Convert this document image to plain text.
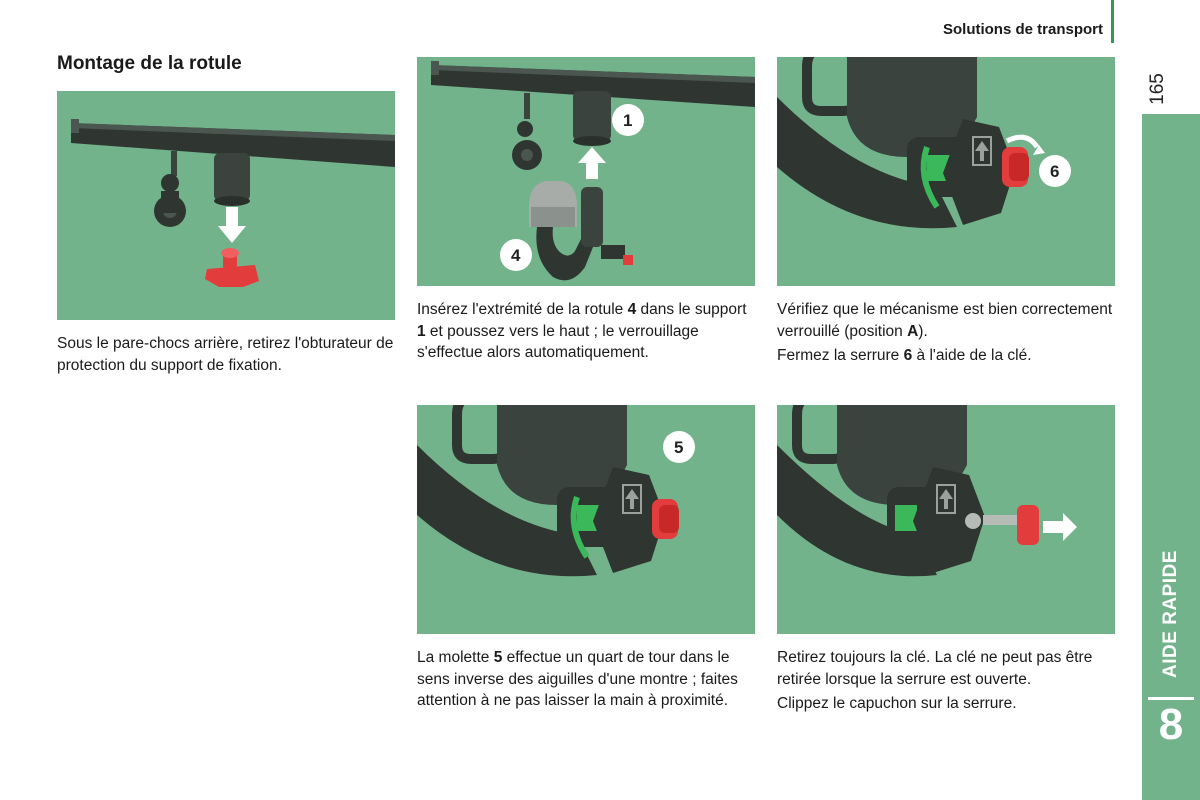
Solutions de transport
165
AIDE RAPIDE
8
Montage de la rotule

Sous le pare-chocs arrière, retirez l'obturateur de protection du support de fixation.

1
4

Insérez l'extrémité de la rotule 4 dans le support 1 et poussez vers le haut ; le verrouillage s'effectue alors automatiquement.

6

Vérifiez que le mécanisme est bien correctement verrouillé (position A).

Fermez la serrure 6 à l'aide de la clé.

5

La molette 5 effectue un quart de tour dans le sens inverse des aiguilles d'une montre ; faites attention à ne pas laisser la main à proximité.

Retirez toujours la clé. La clé ne peut pas être retirée lorsque la serrure est ouverte.

Clippez le capuchon sur la serrure.
